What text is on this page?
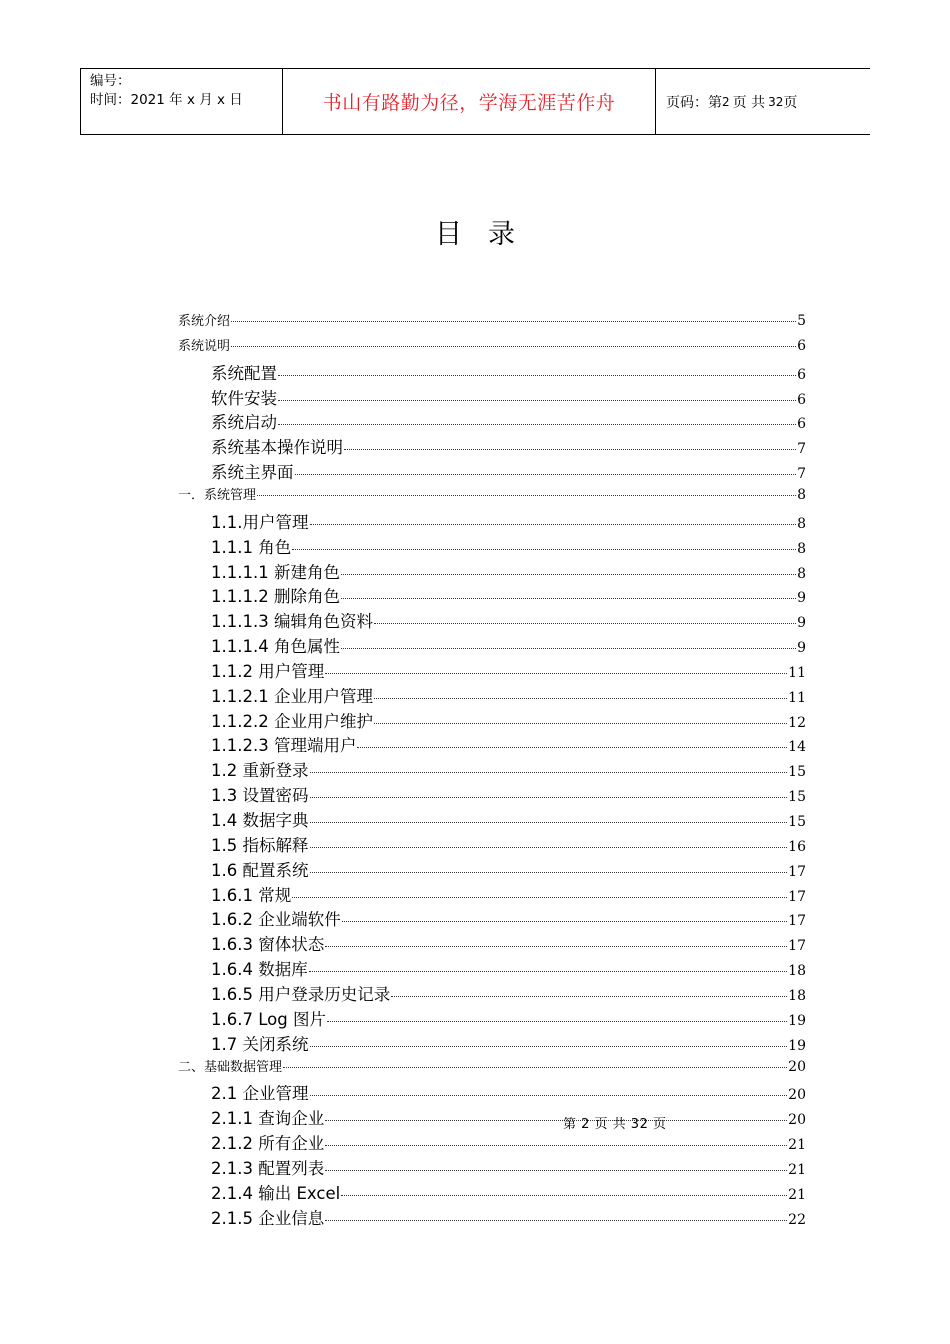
编号：
时间：2021 年 x 月 x 日	书山有路勤为径，学海无涯苦作舟	页码：第 2 页 共 32 页
目录
系统介绍	5
系统说明	6
系统配置	6
软件安装	6
系统启动	6
系统基本操作说明	7
系统主界面	7
一．系统管理	8
1.1.用户管理	8
1.1.1 角色	8
1.1.1.1 新建角色	8
1.1.1.2 删除角色	9
1.1.1.3 编辑角色资料	9
1.1.1.4 角色属性	9
1.1.2 用户管理	11
1.1.2.1 企业用户管理	11
1.1.2.2 企业用户维护	12
1.1.2.3 管理端用户	14
1.2 重新登录	15
1.3 设置密码	15
1.4 数据字典	15
1.5 指标解释	16
1.6 配置系统	17
1.6.1 常规	17
1.6.2 企业端软件	17
1.6.3 窗体状态	17
1.6.4 数据库	18
1.6.5 用户登录历史记录	18
1.6.7 Log 图片	19
1.7 关闭系统	19
二、基础数据管理	20
2.1 企业管理	20
2.1.1 查询企业	20
2.1.2 所有企业	21
2.1.3 配置列表	21
2.1.4 输出 Excel	21
2.1.5 企业信息	22
第 2 页 共 32 页
